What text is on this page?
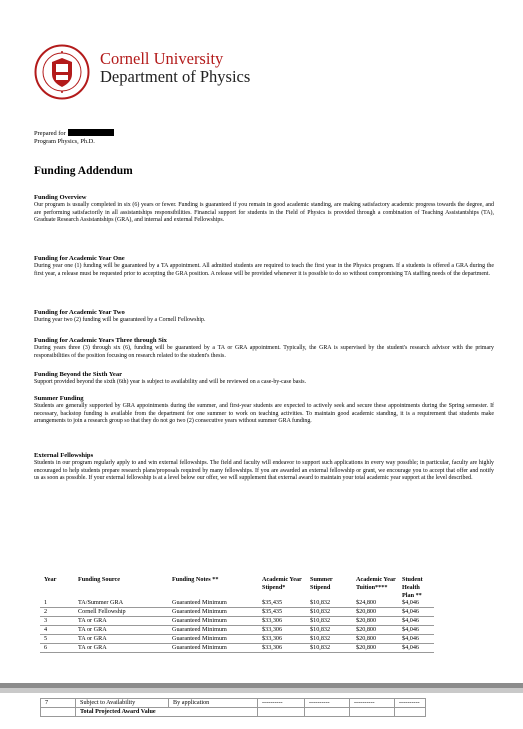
Cornell University
Department of Physics
Prepared for
Program Physics, Ph.D.
Funding Addendum
Funding Overview
Our program is usually completed in six (6) years or fewer. Funding is guaranteed if you remain in good academic standing, are making satisfactory academic progress towards the degree, and are performing satisfactorily in all assistantships responsibilities. Financial support for students in the Field of Physics is provided through a combination of Teaching Assistantships (TA), Graduate Research Assistantships (GRA), and internal and external Fellowships.
Funding for Academic Year One
During year one (1) funding will be guaranteed by a TA appointment. All admitted students are required to teach the first year in the Physics program. If a students is offered a GRA during the first year, a release must be requested prior to accepting the GRA position. A release will be provided whenever it is possible to do so without compromising TA staffing needs of the department.
Funding for Academic Year Two
During year two (2) funding will be guaranteed by a Cornell Fellowship.
Funding for Academic Years Three through Six
During years three (3) through six (6), funding will be guaranteed by a TA or GRA appointment. Typically, the GRA is supervised by the student's research advisor with the primary responsibilities of the position focusing on research related to the student's thesis.
Funding Beyond the Sixth Year
Support provided beyond the sixth (6th) year is subject to availability and will be reviewed on a case-by-case basis.
Summer Funding
Students are generally supported by GRA appointments during the summer, and first-year students are expected to actively seek and secure these appointments during the Spring semester. If necessary, backstop funding is available from the department for one summer to work on teaching activities. To maintain good academic standing, it is a requirement that students make arrangements to join a research group so that they do not go two (2) consecutive years without summer GRA funding.
External Fellowships
Students in our program regularly apply to and win external fellowships. The field and faculty will endeavor to support such applications in every way possible; in particular, faculty are highly encouraged to help students prepare research plans/proposals required by many fellowships. If you are awarded an external fellowship or grant, we encourage you to accept that offer and notify us as soon as possible. If your external fellowship is at a level below our offer, we will supplement that external award to maintain your total academic year support at the level described.
Year	Funding Source	Funding Notes **	Academic Year Stipend*	Summer Stipend	Academic Year Tuition****	Student Health Plan **
1	TA/Summer GRA	Guaranteed Minimum	$35,435	$10,832	$24,800	$4,046
2	Cornell Fellowship	Guaranteed Minimum	$35,435	$10,832	$20,800	$4,046
3	TA or GRA	Guaranteed Minimum	$33,306	$10,832	$20,800	$4,046
4	TA or GRA	Guaranteed Minimum	$33,306	$10,832	$20,800	$4,046
5	TA or GRA	Guaranteed Minimum	$33,306	$10,832	$20,800	$4,046
6	TA or GRA	Guaranteed Minimum	$33,306	$10,832	$20,800	$4,046
7	Subject to Availability	By application	----------	----------	----------	----------
	Total Projected Award Value					
